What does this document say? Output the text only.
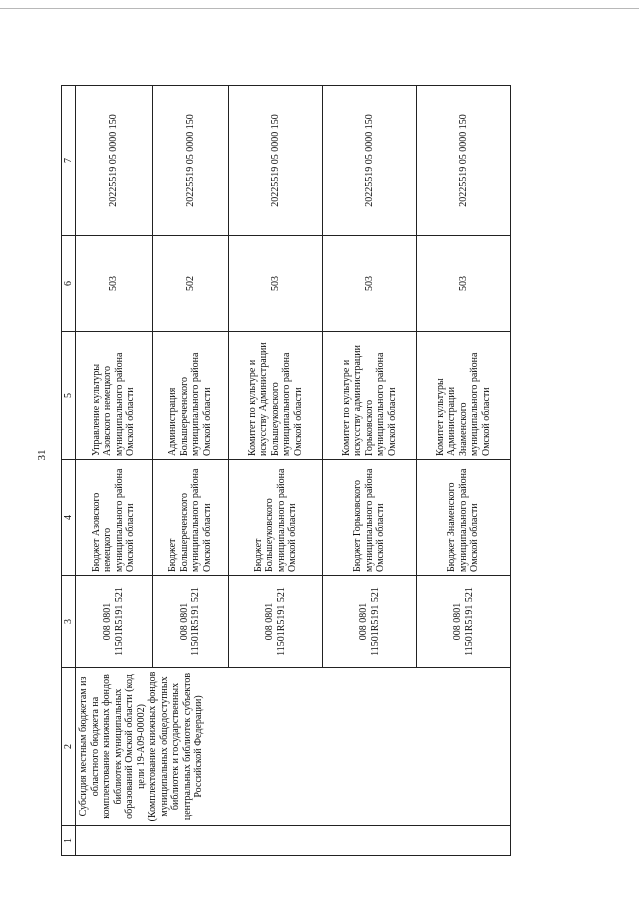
31
1	2	3	4	5	6	7
	Субсидия местным бюджетам из областного бюджета на комплектование книжных фондов библиотек муниципальных образований Омской области (код цели 19-А09-00002) (Комплектование книжных фондов муниципальных общедоступных библиотек и государственных центральных библиотек субъектов Российской Федерации)	008 0801 11501R5191 521	Бюджет Азовского немецкого муниципального района Омской области	Управление культуры Азовского немецкого муниципального района Омской области	503	20225519 05 0000 150
		008 0801 11501R5191 521	Бюджет Большереченского муниципального района Омской области	Администрация Большереченского муниципального района Омской области	502	20225519 05 0000 150
		008 0801 11501R5191 521	Бюджет Большеуковского муниципального района Омской области	Комитет по культуре и искусству Администрации Большеуковского муниципального района Омской области	503	20225519 05 0000 150
		008 0801 11501R5191 521	Бюджет Горьковского муниципального района Омской области	Комитет по культуре и искусству администрации Горьковского муниципального района Омской области	503	20225519 05 0000 150
		008 0801 11501R5191 521	Бюджет Знаменского муниципального района Омской области	Комитет культуры Администрации Знаменского муниципального района Омской области	503	20225519 05 0000 150
